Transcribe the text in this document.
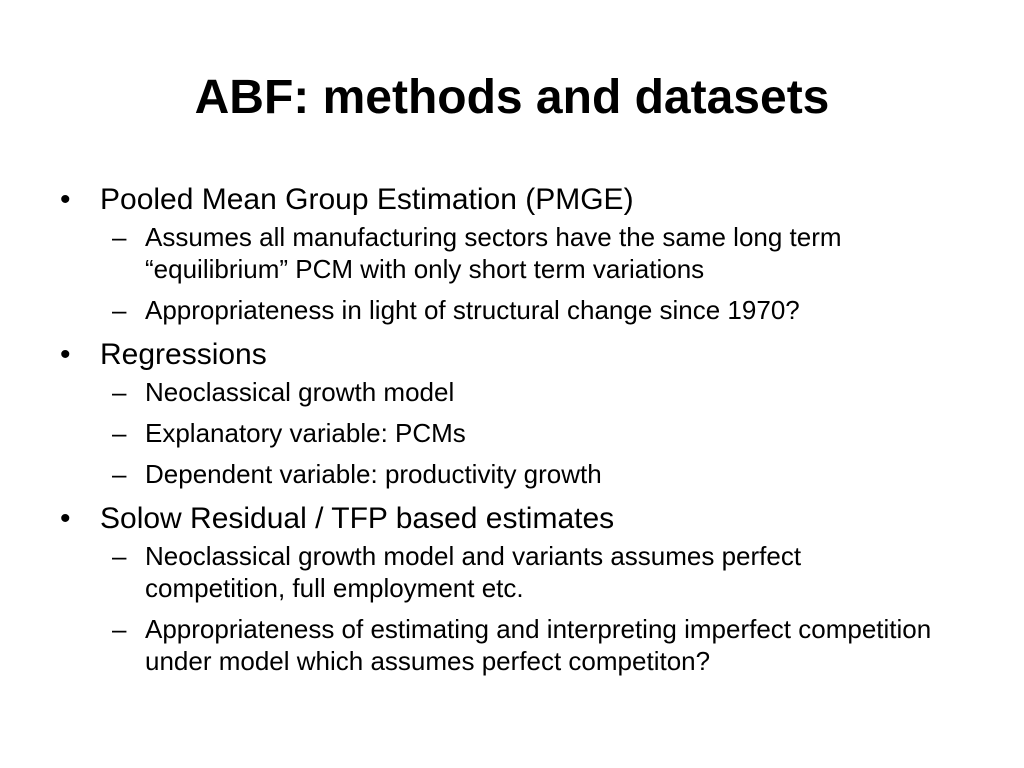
ABF: methods and datasets
• Pooled Mean Group Estimation (PMGE)
– Assumes all manufacturing sectors have the same long term “equilibrium” PCM with only short term variations
– Appropriateness in light of structural change since 1970?
• Regressions
– Neoclassical growth model
– Explanatory variable: PCMs
– Dependent variable: productivity growth
• Solow Residual / TFP based estimates
– Neoclassical growth model and variants assumes perfect competition, full employment etc.
– Appropriateness of estimating and interpreting imperfect competition under model which assumes perfect competiton?
